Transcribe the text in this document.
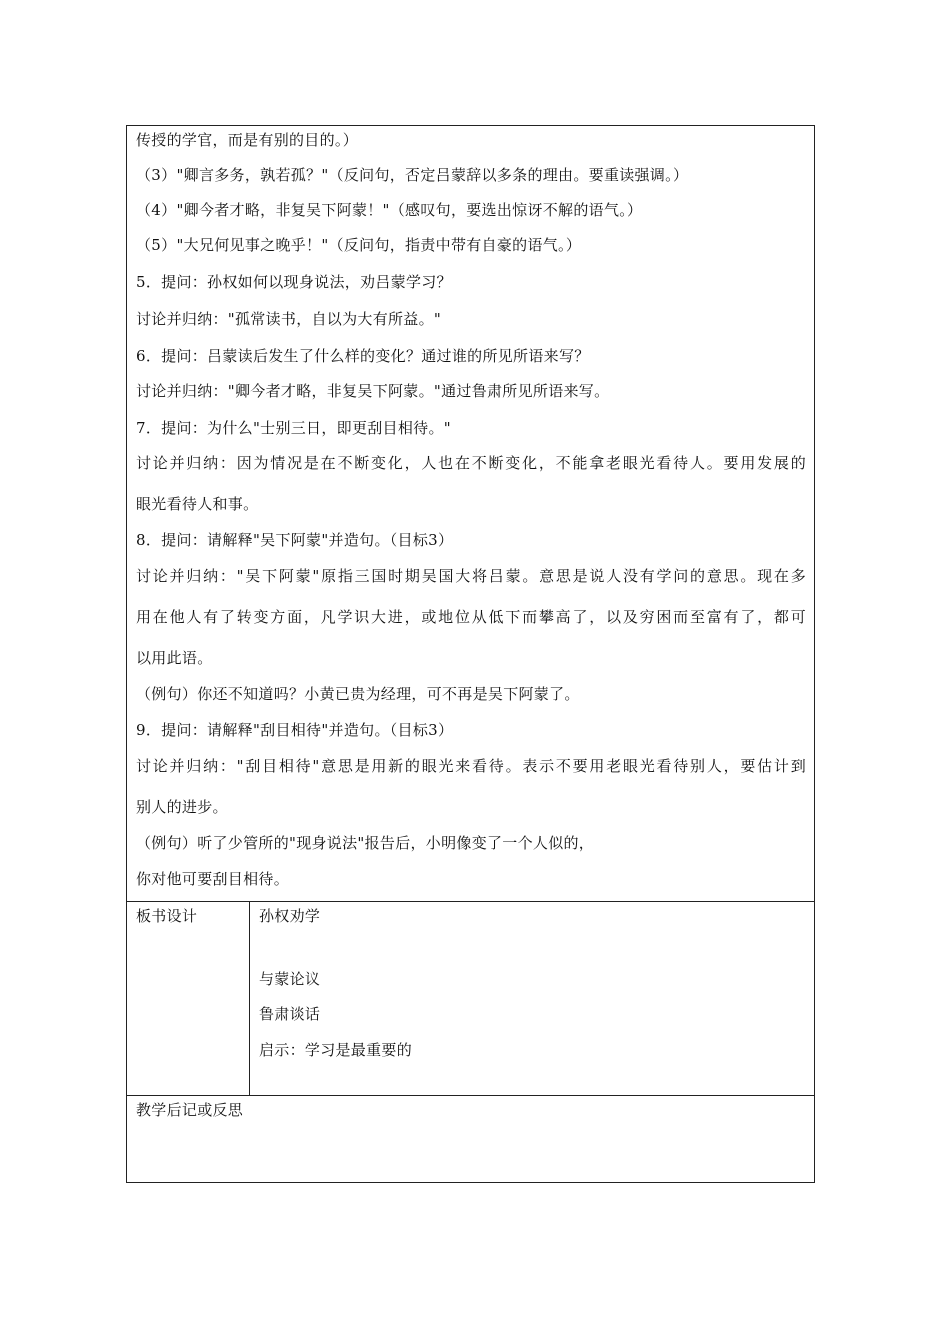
传授的学官，而是有别的目的。）
（3）"卿言多务，孰若孤？"（反问句，否定吕蒙辞以多条的理由。要重读强调。）
（4）"卿今者才略，非复吴下阿蒙！"（感叹句，要选出惊讶不解的语气。）
（5）"大兄何见事之晚乎！"（反问句，指责中带有自豪的语气。）
5．提问：孙权如何以现身说法，劝吕蒙学习？
讨论并归纳："孤常读书，自以为大有所益。"
6．提问：吕蒙读后发生了什么样的变化？通过谁的所见所语来写？
讨论并归纳："卿今者才略，非复吴下阿蒙。"通过鲁肃所见所语来写。
7．提问：为什么"士别三日，即更刮目相待。"
讨论并归纳：因为情况是在不断变化，人也在不断变化，不能拿老眼光看待人。要用发展的
眼光看待人和事。
8．提问：请解释"吴下阿蒙"并造句。（目标3）
讨论并归纳："吴下阿蒙"原指三国时期吴国大将吕蒙。意思是说人没有学问的意思。现在多
用在他人有了转变方面，凡学识大进，或地位从低下而攀高了，以及穷困而至富有了，都可
以用此语。
（例句）你还不知道吗？小黄已贵为经理，可不再是吴下阿蒙了。
9．提问：请解释"刮目相待"并造句。（目标3）
讨论并归纳："刮目相待"意思是用新的眼光来看待。表示不要用老眼光看待别人，要估计到
别人的进步。
（例句）听了少管所的"现身说法"报告后，小明像变了一个人似的，
你对他可要刮目相待。
板书设计	孙权劝学
与蒙论议
鲁肃谈话
启示：学习是最重要的
教学后记或反思
